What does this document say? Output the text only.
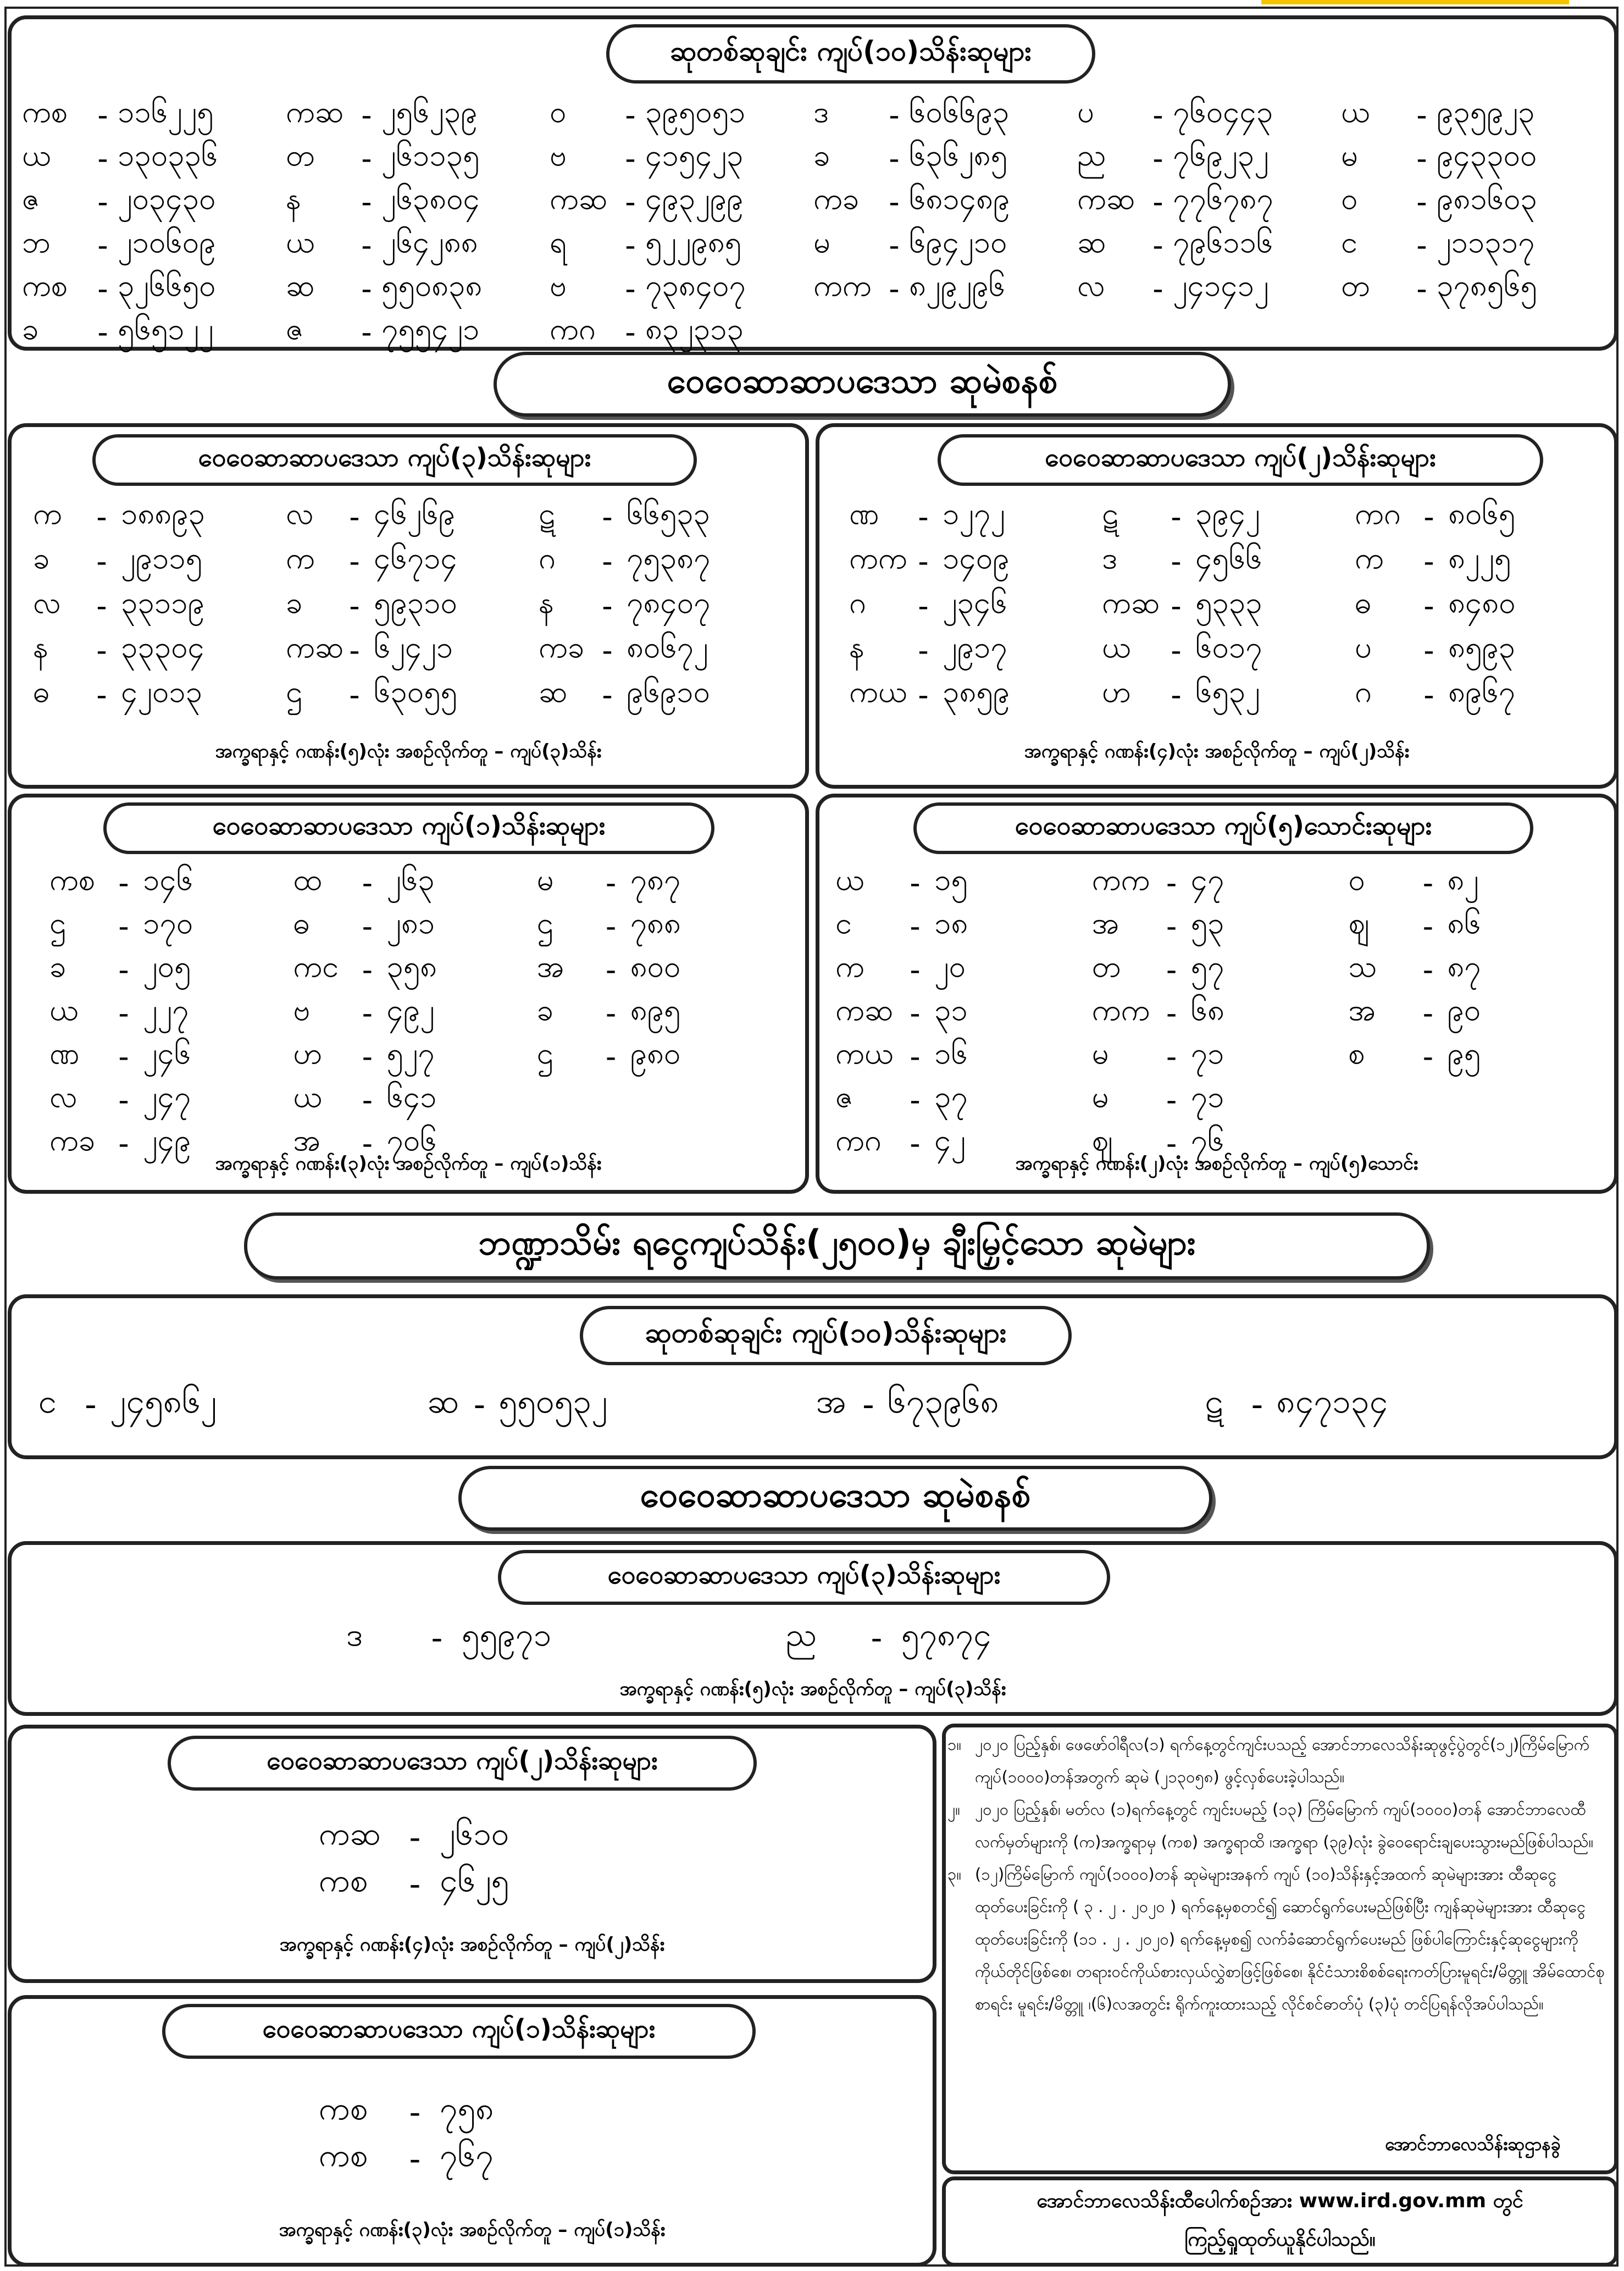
ဆုတစ်ဆုချင်း ကျပ်(၁၀)သိန်းဆုများ
ကစ	- ၁၁၆၂၂၅ ကဆ - ၂၅၆၂၃၉ ဝ	- ၃၉၅၀၅၁ ဒ	- ၆၀၆၆၉၃ ပ	- ၇၆၀၄၄၃ ယ	- ၉၃၅၉၂၃
ယ	- ၁၃၀၃၃၆ တ	- ၂၆၁၁၃၅ ဗ	- ၄၁၅၄၂၃ ခ	- ၆၃၆၂၈၅ ည	- ၇၆၉၂၃၂ မ	- ၉၄၃၃၀၀
ဇ	- ၂၀၃၄၃၀ န	- ၂၆၃၈၀၄ ကဆ - ၄၉၃၂၉၉ ကခ	- ၆၈၁၄၈၉ ကဆ - ၇၇၆၇၈၇ ဝ	- ၉၈၁၆၀၃
ဘ	- ၂၁၀၆၀၉ ယ	- ၂၆၄၂၈၈ ရ	- ၅၂၂၉၈၅ မ	- ၆၉၄၂၁၀ ဆ	- ၇၉၆၁၁၆ င	- ၂၁၁၃၁၇
ကစ	- ၃၂၆၆၅၀ ဆ	- ၅၅၀၈၃၈ ဗ	- ၇၃၈၄၀၇ ကက - ၈၂၉၂၉၆ လ	- ၂၄၁၄၁၂ တ	- ၃၇၈၅၆၅
ခ	- ၅၆၅၁၂၂ ဇ	- ၇၅၅၄၂၁ ကဂ - ၈၃၂၃၁၃
ဝေဝေဆာဆာပဒေသာ ဆုမဲစနစ်
ဝေဝေဆာဆာပဒေသာ ကျပ်(၃)သိန်းဆုများ
က	- ၁၈၈၉၃	လ	- ၄၆၂၆၉	ဋ	- ၆၆၅၃၃
ခ	- ၂၉၁၁၅	က	- ၄၆၇၁၄	ဂ	- ၇၅၃၈၇
လ	- ၃၃၁၁၉	ခ	- ၅၉၃၁၀	န	- ၇၈၄၀၇
န	- ၃၃၃၀၄	ကဆ - ၆၂၄၂၁	ကခ - ၈၀၆၇၂
ဓ	- ၄၂၀၁၃	ဌ	- ၆၃၀၅၅	ဆ	- ၉၆၉၁၀
အက္ခရာနှင့် ဂဏန်း(၅)လုံး အစဉ်လိုက်တူ – ကျပ်(၃)သိန်း
ဝေဝေဆာဆာပဒေသာ ကျပ်(၂)သိန်းဆုများ
ဏ	- ၁၂၇၂	ဋ	- ၃၉၄၂	ကဂ - ၈၀၆၅
ကက - ၁၄၀၉	ဒ	- ၄၅၆၆	က	- ၈၂၂၅
ဂ	- ၂၃၄၆	ကဆ - ၅၃၃၃	ဓ	- ၈၄၈၀
န	- ၂၉၁၇	ယ	- ၆၀၁၇	ပ	- ၈၅၉၃
ကယ - ၃၈၅၉	ဟ	- ၆၅၃၂	ဂ	- ၈၉၆၇
အက္ခရာနှင့် ဂဏန်း(၄)လုံး အစဉ်လိုက်တူ – ကျပ်(၂)သိန်း
ဝေဝေဆာဆာပဒေသာ ကျပ်(၁)သိန်းဆုများ
ကစ - ၁၄၆	ထ	- ၂၆၃	မ	- ၇၈၇
ဌ	- ၁၇၀	ဓ	- ၂၈၁	ဌ	- ၇၈၈
ခ	- ၂၀၅	ကင - ၃၅၈	အ	- ၈၀၀
ယ	- ၂၂၇	ဗ	- ၄၉၂	ခ	- ၈၉၅
ဏ	- ၂၄၆	ဟ	- ၅၂၇	ဌ	- ၉၈၀
လ	- ၂၄၇	ယ	- ၆၄၁
ကခ - ၂၄၉	အ	- ၇၀၆
အက္ခရာနှင့် ဂဏန်း(၃)လုံး အစဉ်လိုက်တူ – ကျပ်(၁)သိန်း
ဝေဝေဆာဆာပဒေသာ ကျပ်(၅)သောင်းဆုများ
ယ	- ၁၅	ကက - ၄၇	ဝ	- ၈၂
င	- ၁၈	အ	- ၅၃	ဈ	- ၈၆
က	- ၂၀	တ	- ၅၇	သ	- ၈၇
ကဆ - ၃၁	ကက - ၆၈	အ	- ၉၀
ကယ - ၁၆	မ	- ၇၁	စ	- ၉၅
ဇ	- ၃၇	မ	- ၇၁
ကဂ - ၄၂	ဈ	- ၇၆
အက္ခရာနှင့် ဂဏန်း(၂)လုံး အစဉ်လိုက်တူ – ကျပ်(၅)သောင်း
ဘဏ္ဍာသိမ်း ရငွေကျပ်သိန်း(၂၅၀၀)မှ ချီးမြှင့်သော ဆုမဲများ
ဆုတစ်ဆုချင်း ကျပ်(၁၀)သိန်းဆုများ
င - ၂၄၅၈၆၂	ဆ - ၅၅၀၅၃၂	အ - ၆၇၃၉၆၈	ဋ - ၈၄၇၁၃၄
ဝေဝေဆာဆာပဒေသာ ဆုမဲစနစ်
ဝေဝေဆာဆာပဒေသာ ကျပ်(၃)သိန်းဆုများ
ဒ	- ၅၅၉၇၁	ည	- ၅၇၈၇၄
အက္ခရာနှင့် ဂဏန်း(၅)လုံး အစဉ်လိုက်တူ – ကျပ်(၃)သိန်း
ဝေဝေဆာဆာပဒေသာ ကျပ်(၂)သိန်းဆုများ
ကဆ - ၂၆၁၀
ကစ	- ၄၆၂၅
အက္ခရာနှင့် ဂဏန်း(၄)လုံး အစဉ်လိုက်တူ – ကျပ်(၂)သိန်း
ဝေဝေဆာဆာပဒေသာ ကျပ်(၁)သိန်းဆုများ
ကစ	- ၇၅၈
ကစ	- ၇၆၇
အက္ခရာနှင့် ဂဏန်း(၃)လုံး အစဉ်လိုက်တူ – ကျပ်(၁)သိန်း
၁။ ၂၀၂၀ ပြည့်နှစ်၊ ဖေဖော်ဝါရီလ(၁) ရက်နေ့တွင်ကျင်းပသည့် အောင်ဘာလေသိန်းဆုဖွင့်ပွဲတွင်(၁၂)ကြိမ်မြောက် ကျပ်(၁၀၀၀)တန်အတွက် ဆုမဲ (၂၁၃၀၅၈) ဖွင့်လှစ်ပေးခဲ့ပါသည်။
၂။ ၂၀၂၀ ပြည့်နှစ်၊ မတ်လ (၁)ရက်နေ့တွင် ကျင်းပမည့် (၁၃) ကြိမ်မြောက် ကျပ်(၁၀၀၀)တန် အောင်ဘာလေထီ လက်မှတ်များကို (က)အက္ခရာမှ (ကစ) အက္ခရာထိ ၊အက္ခရာ (၃၉)လုံး ခွဲဝေရောင်းချပေးသွားမည်ဖြစ်ပါသည်။
၃။ (၁၂)ကြိမ်မြောက် ကျပ်(၁၀၀၀)တန် ဆုမဲများအနက် ကျပ် (၁၀)သိန်းနှင့်အထက် ဆုမဲများအား ထီဆုငွေ ထုတ်ပေးခြင်းကို ( ၃ . ၂ . ၂၀၂၀ ) ရက်နေ့မှစတင်၍ ဆောင်ရွက်ပေးမည်ဖြစ်ပြီး ကျန်ဆုမဲများအား ထီဆုငွေ ထုတ်ပေးခြင်းကို (၁၁ . ၂ . ၂၀၂၀) ရက်နေ့မှစ၍ လက်ခံဆောင်ရွက်ပေးမည် ဖြစ်ပါကြောင်းနှင့်ဆုငွေများကို ကိုယ်တိုင်ဖြစ်စေ၊ တရားဝင်ကိုယ်စားလှယ်လွှဲစာဖြင့်ဖြစ်စေ၊ နိုင်ငံသားစိစစ်ရေးကတ်ပြားမူရင်း/မိတ္တူ အိမ်ထောင်စု စာရင်း မူရင်း/မိတ္တူ ၊(၆)လအတွင်း ရိုက်ကူးထားသည့် လိုင်စင်ဓာတ်ပုံ (၃)ပုံ တင်ပြရန်လိုအပ်ပါသည်။
အောင်ဘာလေသိန်းဆုဌာနခွဲ
အောင်ဘာလေသိန်းထီပေါက်စဉ်အား www.ird.gov.mm တွင်
ကြည့်ရှုထုတ်ယူနိုင်ပါသည်။
